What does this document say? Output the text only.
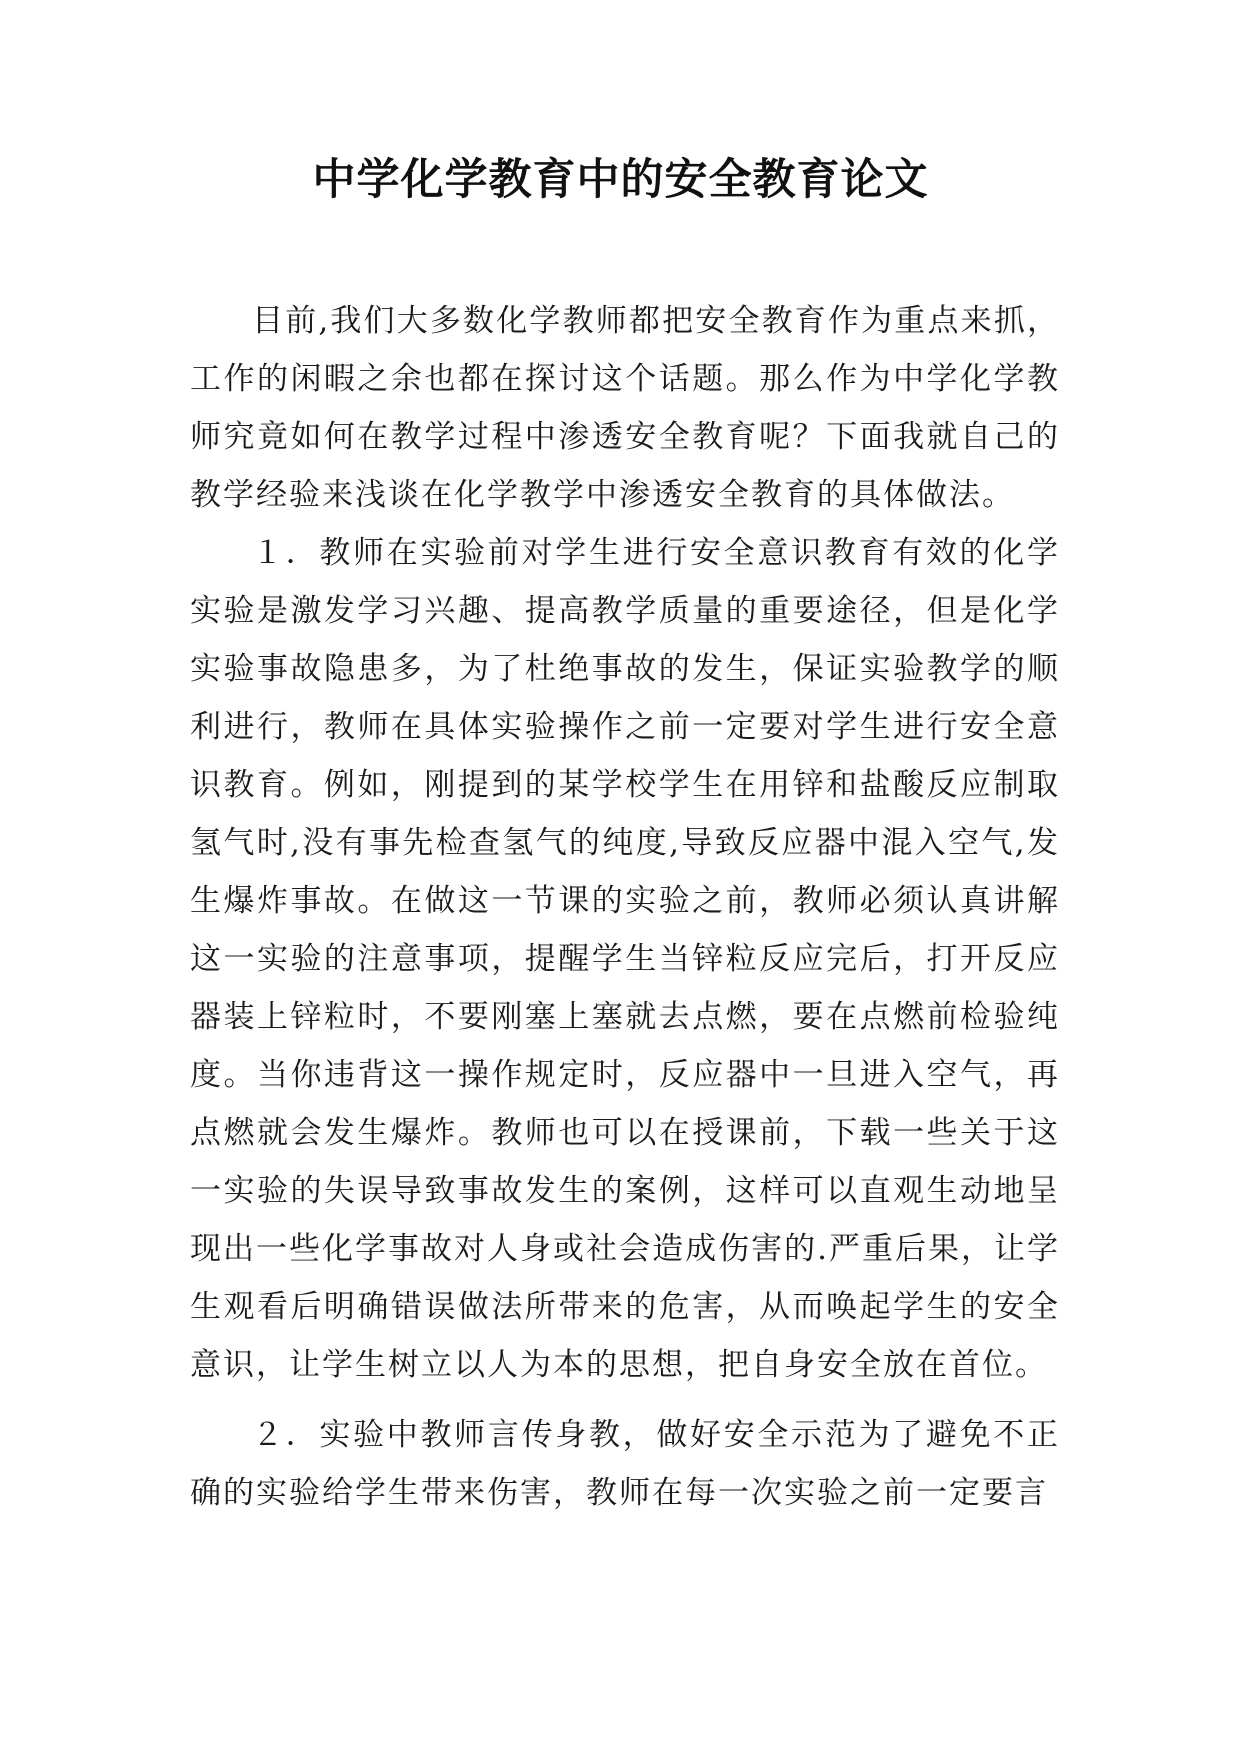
中学化学教育中的安全教育论文

目前,我们大多数化学教师都把安全教育作为重点来抓，工作的闲暇之余也都在探讨这个话题。那么作为中学化学教师究竟如何在教学过程中渗透安全教育呢？下面我就自己的教学经验来浅谈在化学教学中渗透安全教育的具体做法。

１．教师在实验前对学生进行安全意识教育有效的化学实验是激发学习兴趣、提高教学质量的重要途径，但是化学实验事故隐患多，为了杜绝事故的发生，保证实验教学的顺利进行，教师在具体实验操作之前一定要对学生进行安全意识教育。例如，刚提到的某学校学生在用锌和盐酸反应制取氢气时,没有事先检查氢气的纯度,导致反应器中混入空气,发生爆炸事故。在做这一节课的实验之前，教师必须认真讲解这一实验的注意事项，提醒学生当锌粒反应完后，打开反应器装上锌粒时，不要刚塞上塞就去点燃，要在点燃前检验纯度。当你违背这一操作规定时，反应器中一旦进入空气，再点燃就会发生爆炸。教师也可以在授课前，下载一些关于这一实验的失误导致事故发生的案例，这样可以直观生动地呈现出一些化学事故对人身或社会造成伤害的.严重后果，让学生观看后明确错误做法所带来的危害，从而唤起学生的安全意识，让学生树立以人为本的思想，把自身安全放在首位。

２．实验中教师言传身教，做好安全示范为了避免不正确的实验给学生带来伤害，教师在每一次实验之前一定要言
